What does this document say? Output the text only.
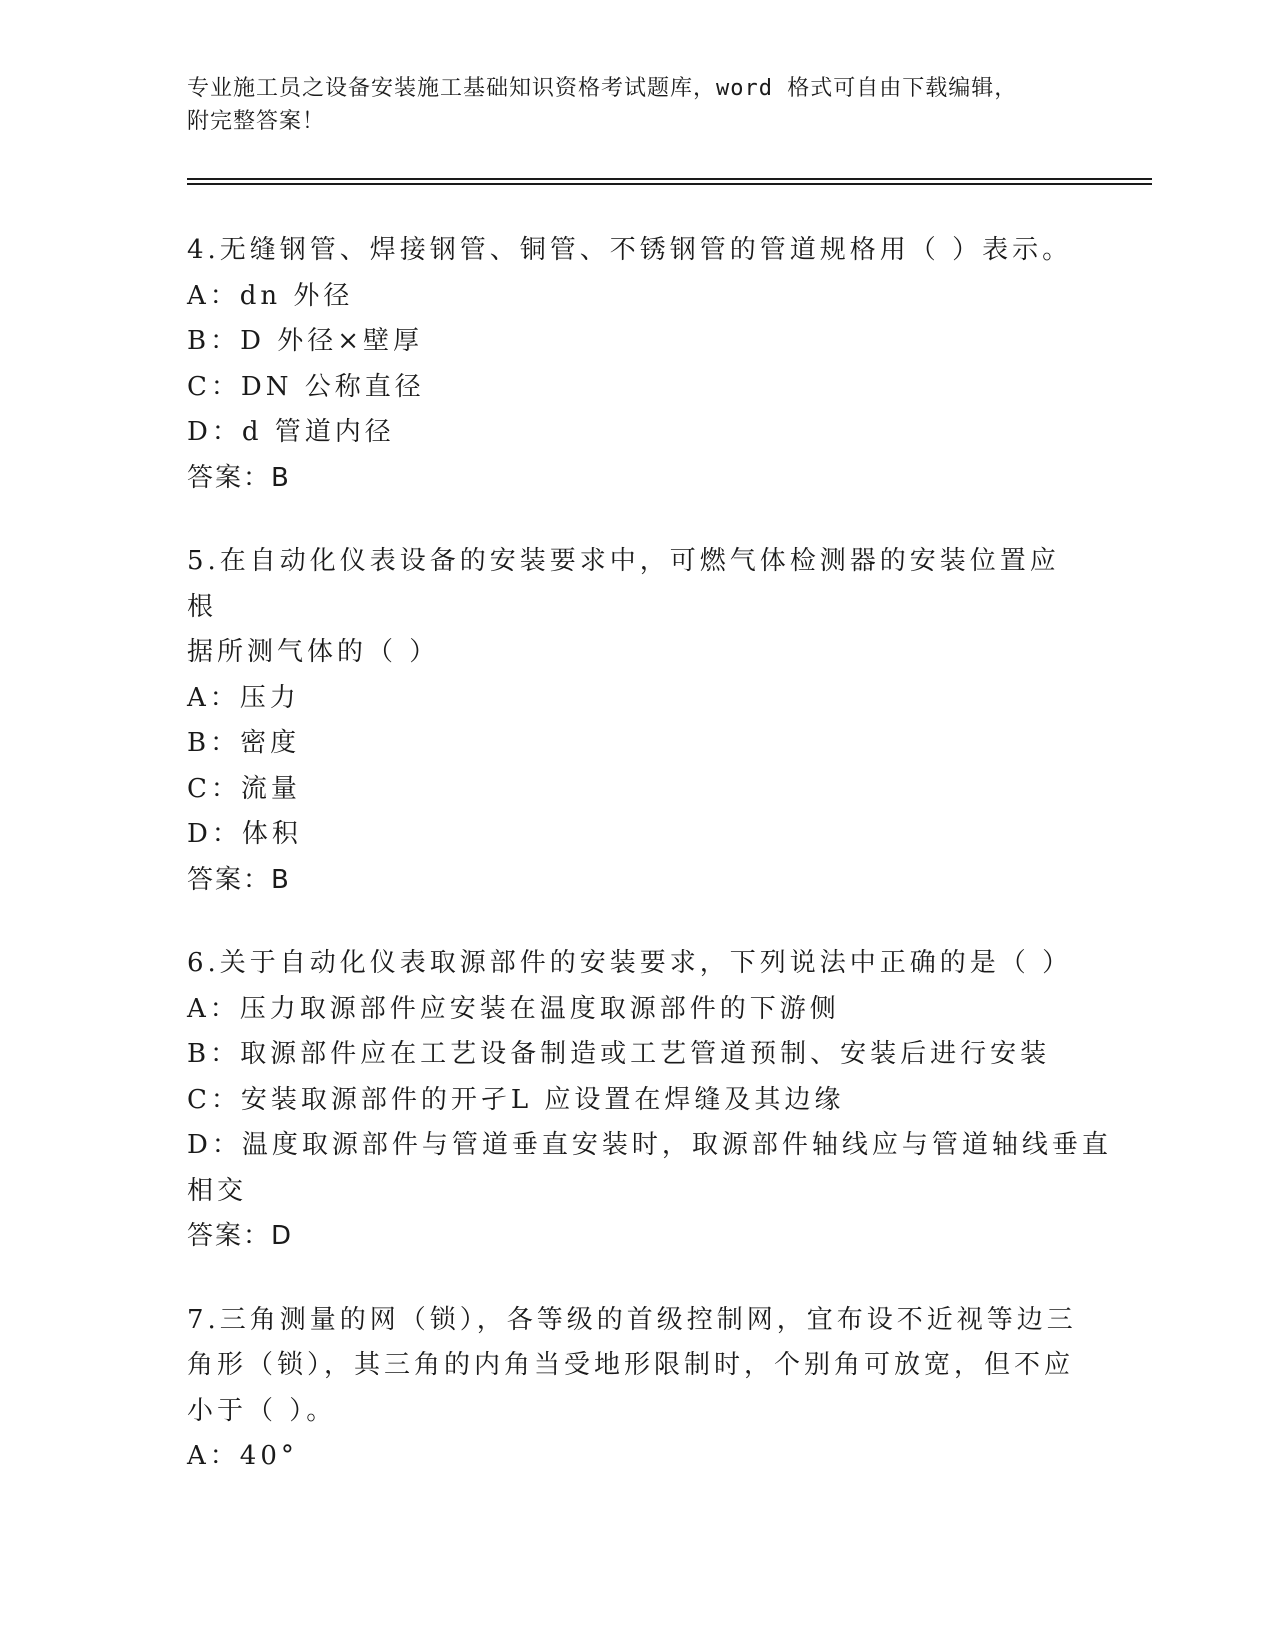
专业施工员之设备安装施工基础知识资格考试题库，word 格式可自由下载编辑，
附完整答案！
4.无缝钢管、焊接钢管、铜管、不锈钢管的管道规格用（ ）表示。
A：dn 外径
B：D 外径×壁厚
C：DN 公称直径
D：d 管道内径
答案：B
5.在自动化仪表设备的安装要求中，可燃气体检测器的安装位置应根
据所测气体的（ ）
A：压力
B：密度
C：流量
D：体积
答案：B
6.关于自动化仪表取源部件的安装要求，下列说法中正确的是（ ）
A：压力取源部件应安装在温度取源部件的下游侧
B：取源部件应在工艺设备制造或工艺管道预制、安装后进行安装
C：安装取源部件的开孑L 应设置在焊缝及其边缘
D：温度取源部件与管道垂直安装时，取源部件轴线应与管道轴线垂直
相交
答案：D
7.三角测量的网（锁），各等级的首级控制网，宜布设不近视等边三
角形（锁），其三角的内角当受地形限制时，个别角可放宽，但不应
小于（ ）。
A：40°
